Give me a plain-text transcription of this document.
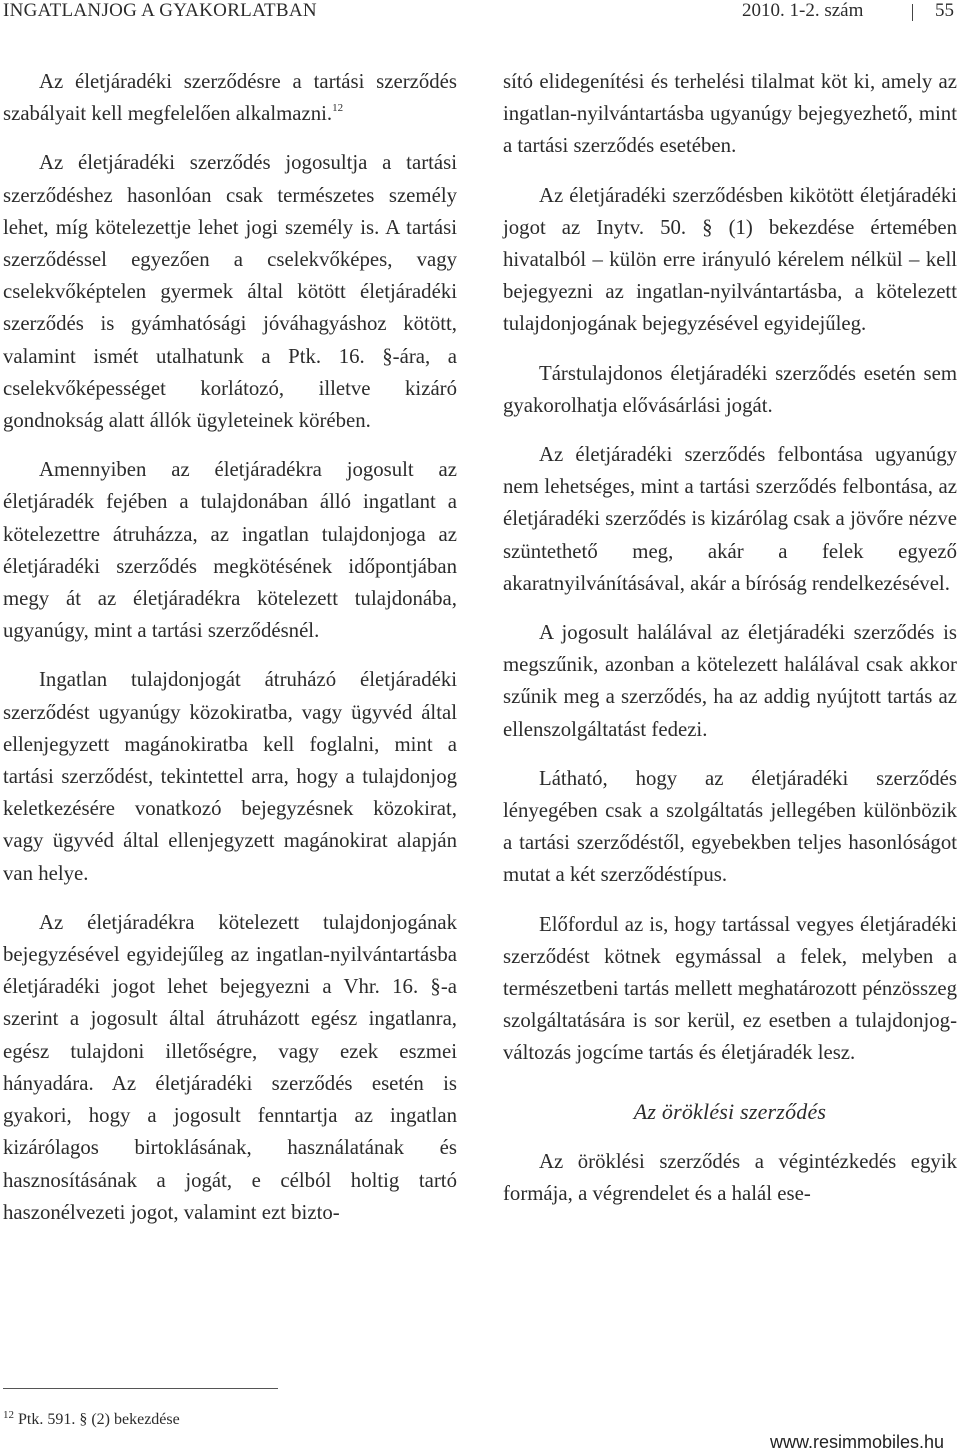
INGATLANJOG A GYAKORLATBAN	2010. 1-2. szám	55

Az életjáradéki szerződésre a tartási szerződés szabályait kell megfelelően alkalmazni.$^{12}$

Az életjáradéki szerződés jogosultja a tartási szerződéshez hasonlóan csak természetes személy lehet, míg kötelezettje lehet jogi személy is. A tartási szerződéssel egyezően a cselekvőképes, vagy cselekvőképtelen gyermek által kötött életjáradéki szerződés is gyámhatósági jóváhagyáshoz kötött, valamint ismét utalhatunk a Ptk. 16. §-ára, a cselekvőképességet korlátozó, illetve kizáró gondnokság alatt állók ügyleteinek körében.

Amennyiben az életjáradékra jogosult az életjáradék fejében a tulajdonában álló ingatlant a kötelezettre átruházza, az ingatlan tulajdonjoga az életjáradéki szerződés megkötésének időpontjában megy át az életjáradékra kötelezett tulajdonába, ugyanúgy, mint a tartási szerződésnél.

Ingatlan tulajdonjogát átruházó életjáradéki szerződést ugyanúgy közokiratba, vagy ügyvéd által ellenjegyzett magánokiratba kell foglalni, mint a tartási szerződést, tekintettel arra, hogy a tulajdonjog keletkezésére vonatkozó bejegyzésnek közokirat, vagy ügyvéd által ellenjegyzett magánokirat alapján van helye.

Az életjáradékra kötelezett tulajdonjogának bejegyzésével egyidejűleg az ingatlan-nyilvántartásba életjáradéki jogot lehet bejegyezni a Vhr. 16. §-a szerint a jogosult által átruházott egész ingatlanra, egész tulajdoni illetőségre, vagy ezek eszmei hányadára. Az életjáradéki szerződés esetén is gyakori, hogy a jogosult fenntartja az ingatlan kizárólagos birtoklásának, használatának és hasznosításának a jogát, e célból holtig tartó haszonélvezeti jogot, valamint ezt bizto-

sító elidegenítési és terhelési tilalmat köt ki, amely az ingatlan-nyilvántartásba ugyanúgy bejegyezhető, mint a tartási szerződés esetében.

Az életjáradéki szerződésben kikötött életjáradéki jogot az Inytv. 50. § (1) bekezdése értemében hivatalból – külön erre irányuló kérelem nélkül – kell bejegyezni az ingatlan-nyilvántartásba, a kötelezett tulajdonjogának bejegyzésével egyidejűleg.

Társtulajdonos életjáradéki szerződés esetén sem gyakorolhatja elővásárlási jogát.

Az életjáradéki szerződés felbontása ugyanúgy nem lehetséges, mint a tartási szerződés felbontása, az életjáradéki szerződés is kizárólag csak a jövőre nézve szüntethető meg, akár a felek egyező akaratnyilvánításával, akár a bíróság rendelkezésével.

A jogosult halálával az életjáradéki szerződés is megszűnik, azonban a kötelezett halálával csak akkor szűnik meg a szerződés, ha az addig nyújtott tartás az ellenszolgáltatást fedezi.

Látható, hogy az életjáradéki szerződés lényegében csak a szolgáltatás jellegében különbözik a tartási szerződéstől, egyebekben teljes hasonlóságot mutat a két szerződéstípus.

Előfordul az is, hogy tartással vegyes életjáradéki szerződést kötnek egymással a felek, melyben a természetbeni tartás mellett meghatározott pénzösszeg szolgáltatására is sor kerül, ez esetben a tulajdonjog-változás jogcíme tartás és életjáradék lesz.

Az öröklési szerződés

Az öröklési szerződés a végintézkedés egyik formája, a végrendelet és a halál ese-

$^{12}$ Ptk. 591. § (2) bekezdése
www.resimmobiles.hu
